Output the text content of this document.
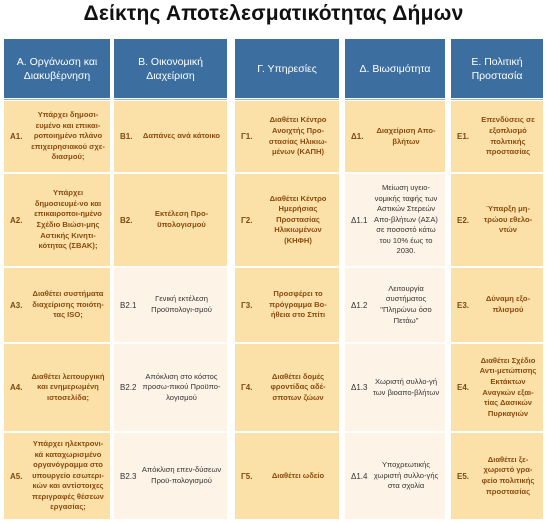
Δείκτης Αποτελεσματικότητας Δήμων
Α. Οργάνωση και Διακυβέρνηση
Α1.
Υπάρχει δημοσι-ευμένο και επικαι-ροποιημένο πλάνο επιχειρησιακού σχε-διασμού;
Α2.
Υπάρχει δημοσιευμέ-νο και επικαιροποι-ημένο Σχέδιο Βιώσι-μης Αστικής Κινητι-κότητας (ΣΒΑΚ);
Α3.
Διαθέτει συστήματα διαχείρισης ποιότη-τας ISO;
Α4.
Διαθέτει λειτουργική και ενημερωμένη ιστοσελίδα;
Α5.
Υπάρχει ηλεκτρονι-κά καταχωρισμένο οργανόγραμμα στο υπουργείο εσωτερι-κών και αντίστοιχες περιγραφές θέσεων εργασίας;
Β. Οικονομική Διαχείριση
Β1.	Δαπάνες ανά κάτοικο
Β2.
Εκτέλεση Προ-ϋπολογισμού
Β2.1
Γενική εκτέλεση Προϋπολογι-σμού
Β2.2
Απόκλιση στο κόστος προσω-πικού Προϋπο-λογισμού
Β2.3
Απόκλιση επεν-δύσεων Προϋ-πολογισμού
Γ. Υπηρεσίες
Γ1.
Διαθέτει Κέντρο Ανοιχτής Προ-στασίας Ηλικιω-μένων (ΚΑΠΗ)
Γ2.
Διαθέτει Κέντρο Ημερήσιας Προστασίας Ηλικιωμένων (ΚΗΦΗ)
Γ3.
Προσφέρει το πρόγραμμα Βο-ήθεια στο Σπίτι
Γ4.
Διαθέτει δομές φροντίδας αδέ-σποτων ζώων
Γ5.	Διαθέτει ωδείο
Δ. Βιωσιμότητα
Δ1.
Διαχείριση Απο-βλήτων
Δ1.1
Μείωση υγειο-νομικής ταφής των Αστικών Στερεών Απο-βλήτων (ΑΣΑ) σε ποσοστό κάτω του 10% έως το 2030.
Δ1.2
Λειτουργία συστήματος "Πληρώνω όσο Πετάω"
Δ1.3
Χωριστή συλλο-γή των βιοαπο-βλήτων
Δ1.4
Υποχρεωτικής χωριστή συλλο-γής στα σχολία
Ε. Πολιτική Προστασία
Ε1.
Επενδύσεις σε εξοπλισμό πολιτικής προστασίας
Ε2.
Ύπαρξη μη-τρώου εθελο-ντών
Ε3.
Δύναμη εξο-πλισμού
Ε4.
Διαθέτει Σχέδιο Αντι-μετώπισης Εκτάκτων Αναγκών εξαι-τίας Δασικών Πυρκαγιών
Ε5.
Διαθέτει ξε-χωριστό γρα-φείο πολιτικής προστασίας
